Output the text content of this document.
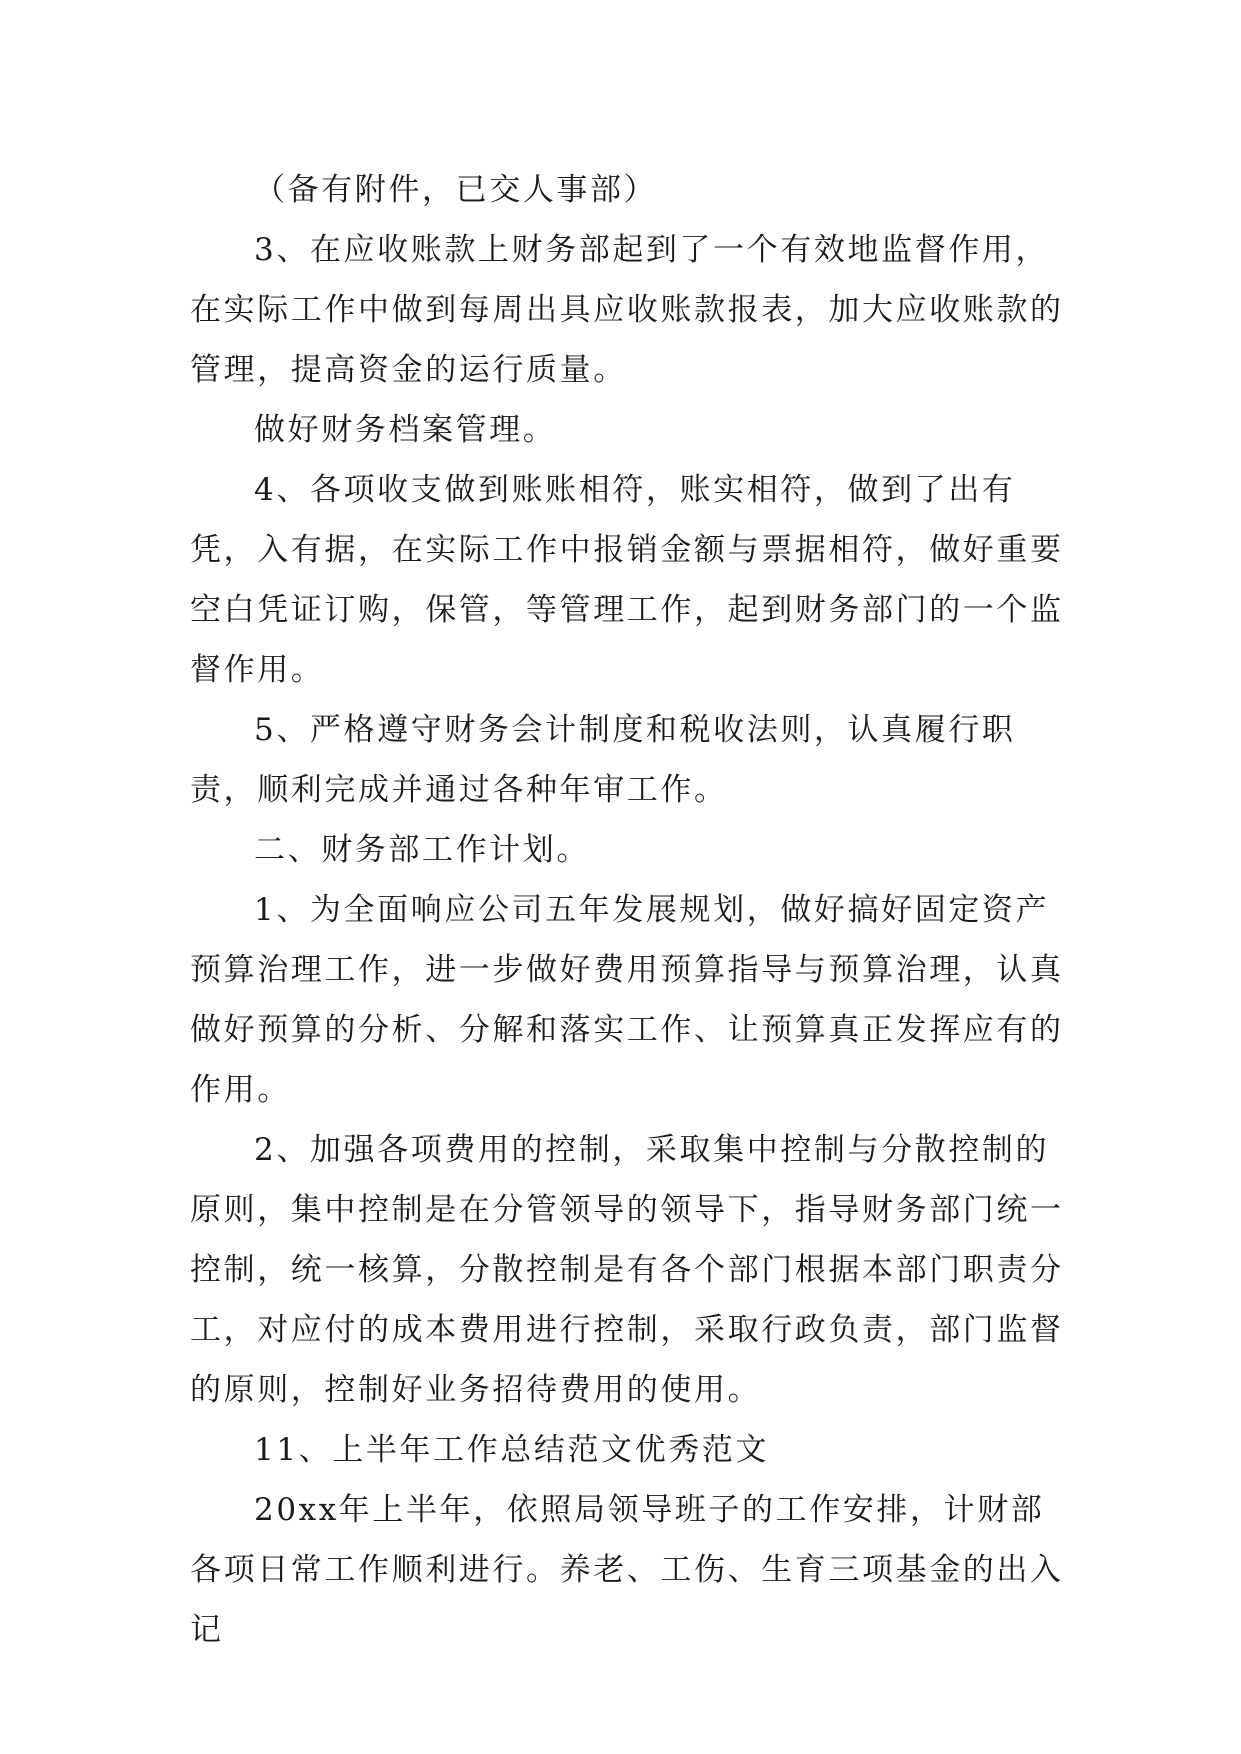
（备有附件，已交人事部）

3、在应收账款上财务部起到了一个有效地监督作用，在实际工作中做到每周出具应收账款报表，加大应收账款的管理，提高资金的运行质量。

做好财务档案管理。

4、各项收支做到账账相符，账实相符，做到了出有凭，入有据，在实际工作中报销金额与票据相符，做好重要空白凭证订购，保管，等管理工作，起到财务部门的一个监督作用。

5、严格遵守财务会计制度和税收法则，认真履行职责，顺利完成并通过各种年审工作。

二、财务部工作计划。

1、为全面响应公司五年发展规划，做好搞好固定资产预算治理工作，进一步做好费用预算指导与预算治理，认真做好预算的分析、分解和落实工作、让预算真正发挥应有的作用。

2、加强各项费用的控制，采取集中控制与分散控制的原则，集中控制是在分管领导的领导下，指导财务部门统一控制，统一核算，分散控制是有各个部门根据本部门职责分工，对应付的成本费用进行控制，采取行政负责，部门监督的原则，控制好业务招待费用的使用。

11、上半年工作总结范文优秀范文

20xx年上半年，依照局领导班子的工作安排，计财部各项日常工作顺利进行。养老、工伤、生育三项基金的出入记
